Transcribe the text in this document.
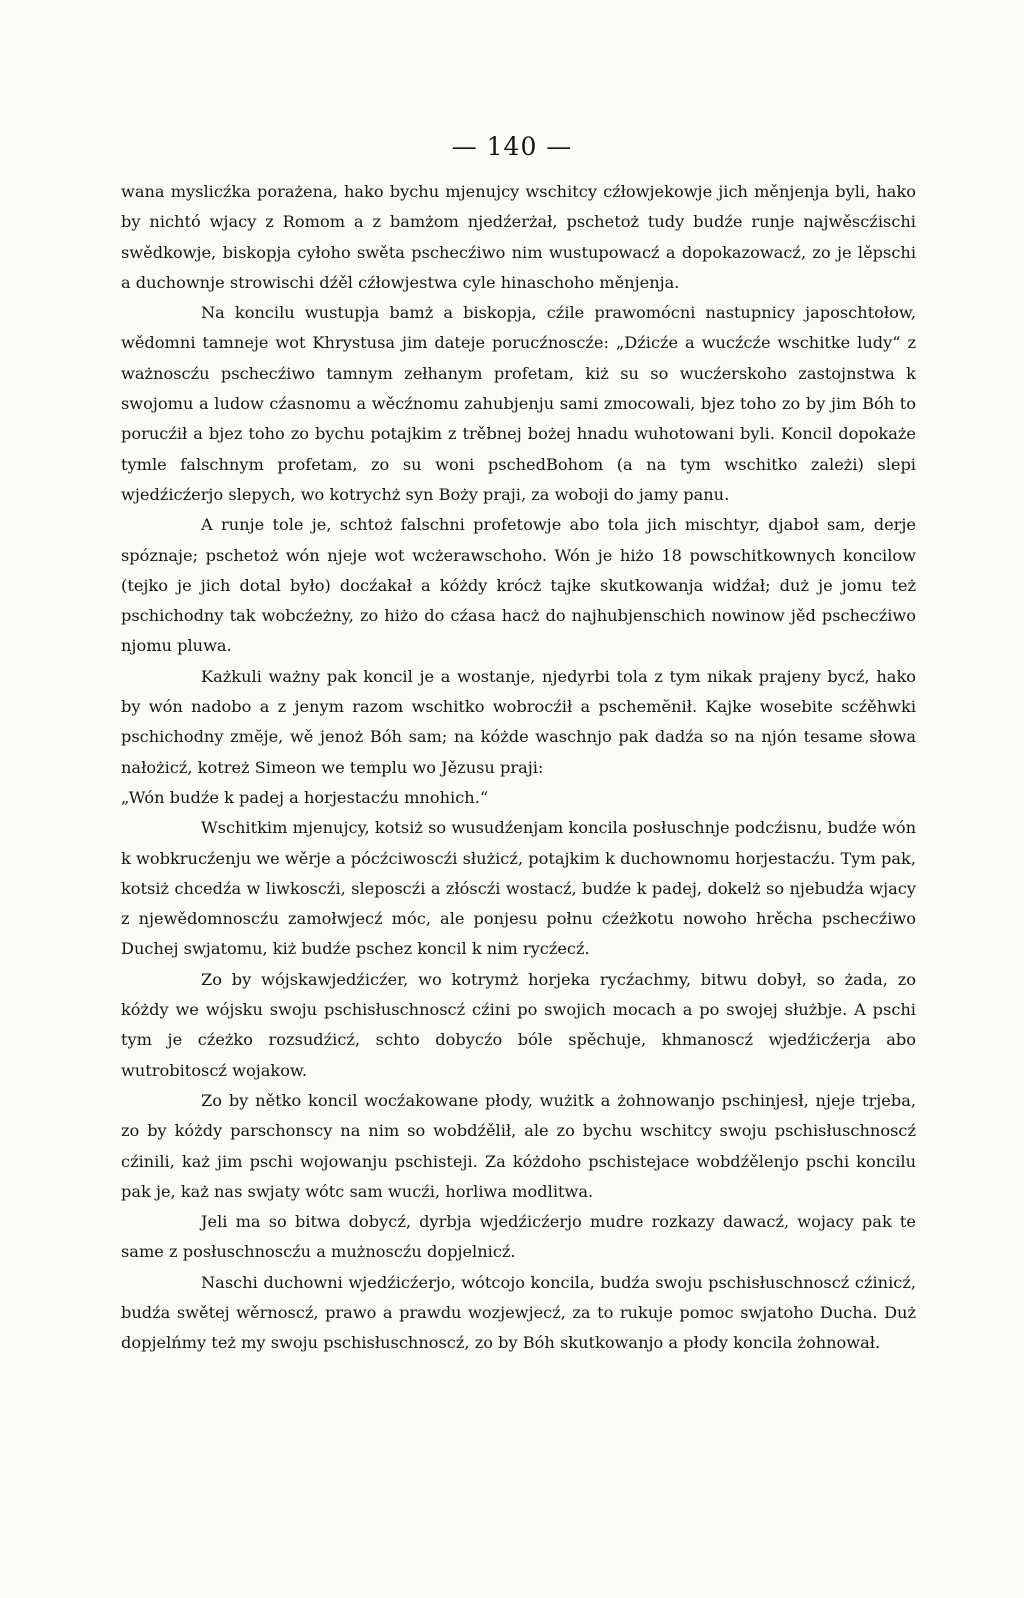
— 140 —

wana myslicźka porażena, hako bychu mjenujcy wschitcy cźłowjekowje jich měnjenja byli, hako by nichtó wjacy z Romom a z bamżom njedźerżał, pschetoż tudy budźe runje najwěscźischi swědkowje, biskopja cyłoho swěta pschecźiwo nim wustupowacź a dopokazowacź, zo je lěpschi a duchownje strowischi dźěl cźłowjestwa cyle hinaschoho měnjenja.

Na koncilu wustupja bamż a biskopja, cźile prawomócni nastupnicy japoschtołow, wědomni tamneje wot Khrystusa jim dateje porucźnoscźe: „Dźicźe a wucźcźe wschitke ludy“ z ważnoscźu pschecźiwo tamnym zełhanym profetam, kiż su so wucźerskoho zastojnstwa k swojomu a ludow cźasnomu a wěcźnomu zahubjenju sami zmocowali, bjez toho zo by jim Bóh to porucźił a bjez toho zo bychu potajkim z trěbnej bożej hnadu wuhotowani byli. Koncil dopokaże tymle falschnym profetam, zo su woni pschedBohom (a na tym wschitko zależi) slepi wjedźicźerjo slepych, wo kotrychż syn Boży praji, za woboji do jamy panu.

A runje tole je, schtoż falschni profetowje abo tola jich mischtyr, djaboł sam, derje spóznaje; pschetoż wón njeje wot wcżerawschoho. Wón je hiżo 18 powschitkownych koncilow (tejko je jich dotal było) docźakał a kóżdy krócż tajke skutkowanja widźał; duż je jomu też pschichodny tak wobcźeżny, zo hiżo do cźasa hacż do najhubjenschich nowinow jěd pschecźiwo njomu pluwa.

Każkuli ważny pak koncil je a wostanje, njedyrbi tola z tym nikak prajeny bycź, hako by wón nadobo a z jenym razom wschitko wobrocźił a pschemĕnił. Kajke wosebite scźěhwki pschichodny zmĕje, wě jenoż Bóh sam; na kóżde waschnjo pak dadźa so na njón tesame słowa nałożicź, kotreż Simeon we templu wo Jězusu praji:

„Wón budźe k padej a horjestacźu mnohich.“

Wschitkim mjenujcy, kotsiż so wusudźenjam koncila posłuschnje podcźisnu, budźe wón k wobkrucźenju we wěrje a pócźciwoscźi służicź, potajkim k duchownomu horjestacźu. Tym pak, kotsiż chcedźa w liwkoscźi, sleposcźi a złóscźi wostacź, budźe k padej, dokelż so njebudźa wjacy z njewědomnoscźu zamołwjecź móc, ale ponjesu połnu cźeżkotu nowoho hrěcha pschecźiwo Duchej swjatomu, kiż budźe pschez koncil k nim rycźecź.

Zo by wójskawjedźicźer, wo kotrymż horjeka rycźachmy, bitwu dobył, so żada, zo kóżdy we wójsku swoju pschisłuschnoscź cźini po swojich mocach a po swojej służbje. A pschi tym je cźeżko rozsudźicź, schto dobycźo bóle spěchuje, khmanoscź wjedźicźerja abo wutrobitoscź wojakow.

Zo by nětko koncil wocźakowane płody, wużitk a żohnowanjo pschinjesł, njeje trjeba, zo by kóżdy parschonscy na nim so wobdźělił, ale zo bychu wschitcy swoju pschisłuschnoscź cźinili, każ jim pschi wojowanju pschisteji. Za kóżdoho pschistejace wobdźělenjo pschi koncilu pak je, każ nas swjaty wótc sam wucźi, horliwa modlitwa.

Jeli ma so bitwa dobycź, dyrbja wjedźicźerjo mudre rozkazy dawacź, wojacy pak te same z posłuschnoscźu a mużnoscźu dopjelnicź.

Naschi duchowni wjedźicźerjo, wótcojo koncila, budźa swoju pschisłuschnoscź cźinicź, budźa swětej wěrnoscź, prawo a prawdu wozjewjecź, za to rukuje pomoc swjatoho Ducha. Duż dopjelńmy też my swoju pschisłuschnoscź, zo by Bóh skutkowanjo a płody koncila żohnował.
